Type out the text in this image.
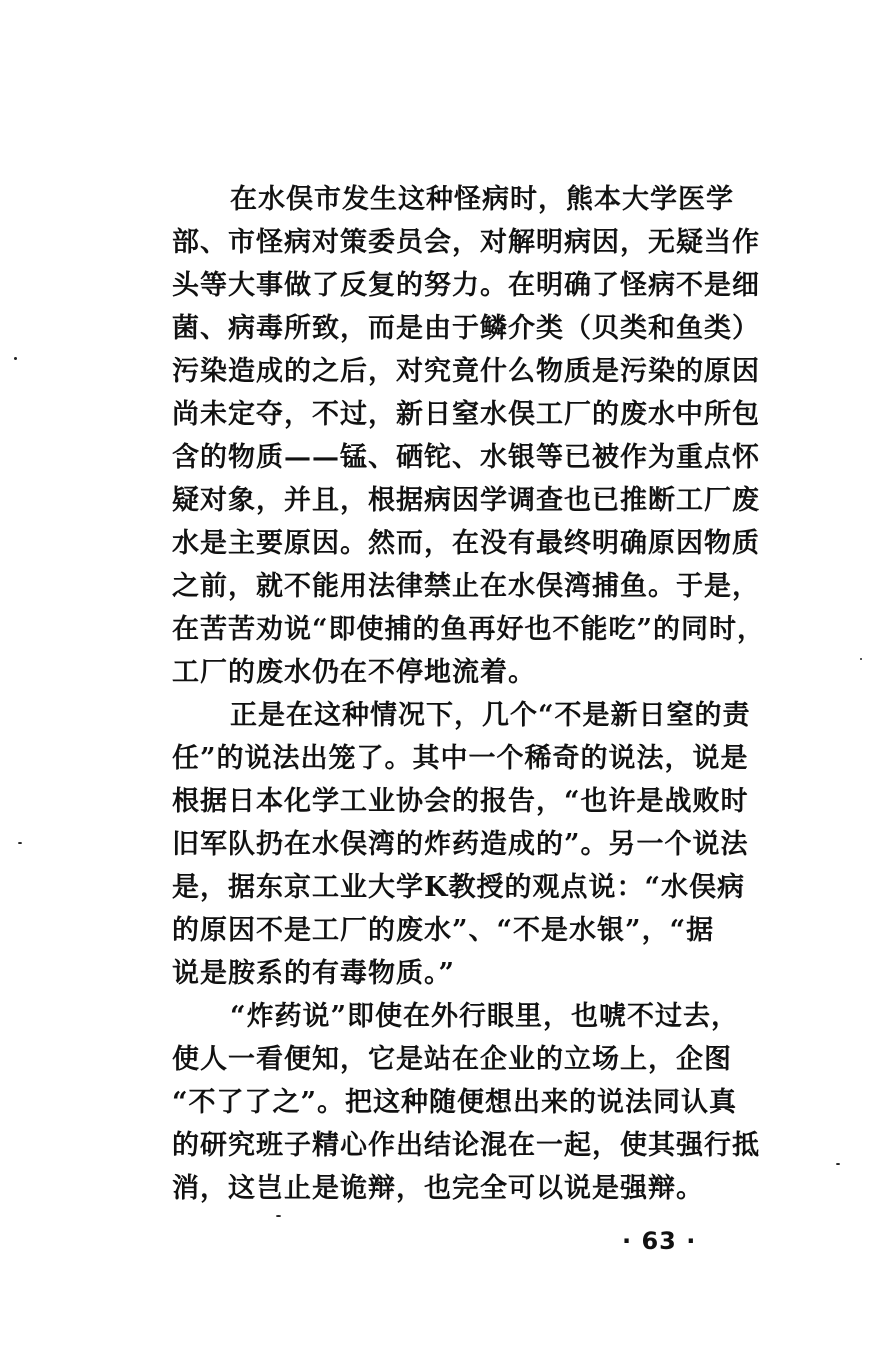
在水俣市发生这种怪病时，熊本大学医学
部、市怪病对策委员会，对解明病因，无疑当作
头等大事做了反复的努力。在明确了怪病不是细
菌、病毒所致，而是由于鳞介类（贝类和鱼类）
污染造成的之后，对究竟什么物质是污染的原因
尚未定夺，不过，新日窒水俣工厂的废水中所包
含的物质——锰、硒铊、水银等已被作为重点怀
疑对象，并且，根据病因学调查也已推断工厂废
水是主要原因。然而，在没有最终明确原因物质
之前，就不能用法律禁止在水俣湾捕鱼。于是，
在苦苦劝说“即使捕的鱼再好也不能吃”的同时，
工厂的废水仍在不停地流着。
正是在这种情况下，几个“不是新日窒的责
任”的说法出笼了。其中一个稀奇的说法，说是
根据日本化学工业协会的报告，“也许是战败时
旧军队扔在水俣湾的炸药造成的”。另一个说法
是，据东京工业大学K教授的观点说：“水俣病
的原因不是工厂的废水”、“不是水银”，“据
说是胺系的有毒物质。”
“炸药说”即使在外行眼里，也唬不过去，
使人一看便知，它是站在企业的立场上，企图
“不了了之”。把这种随便想出来的说法同认真
的研究班子精心作出结论混在一起，使其强行抵
消，这岂止是诡辩，也完全可以说是强辩。
· 63 ·
